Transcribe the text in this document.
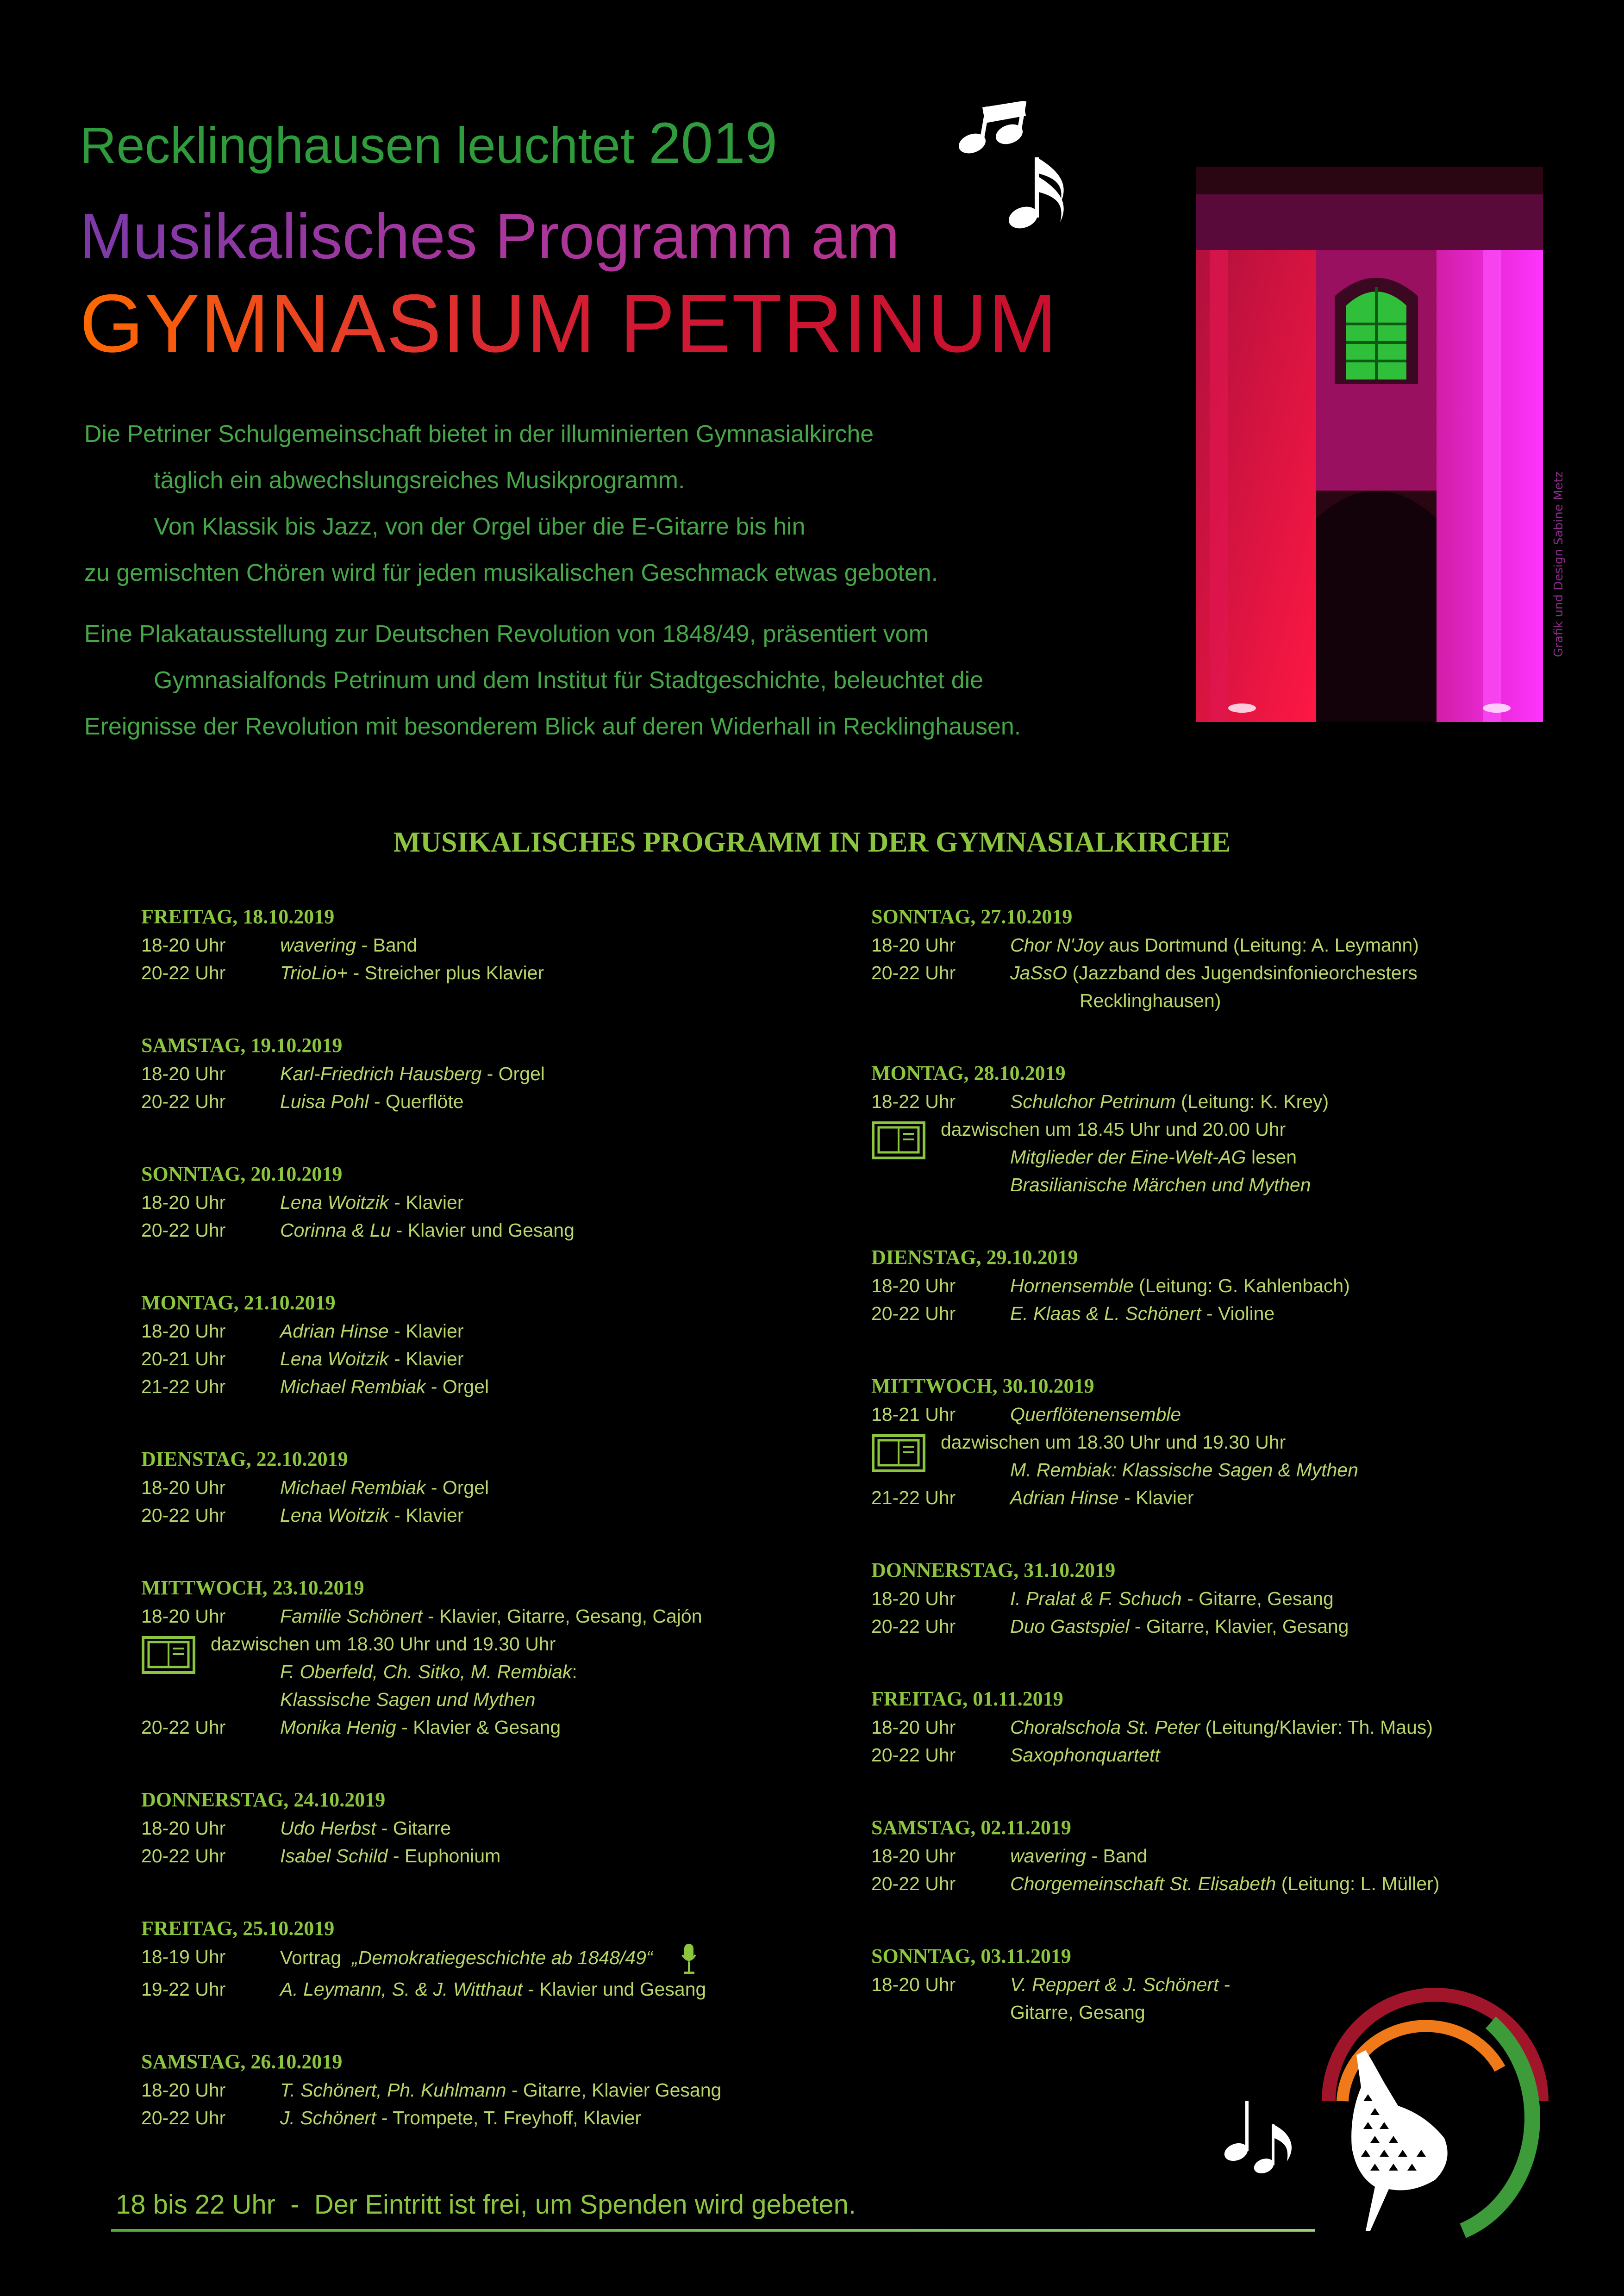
Recklinghausen leuchtet 2019
Musikalisches Programm am
GYMNASIUM PETRINUM
Grafik und Design Sabine Metz
Die Petriner Schulgemeinschaft bietet in der illuminierten Gymnasialkirche
täglich ein abwechslungsreiches Musikprogramm.
Von Klassik bis Jazz, von der Orgel über die E-Gitarre bis hin
zu gemischten Chören wird für jeden musikalischen Geschmack etwas geboten.
Eine Plakatausstellung zur Deutschen Revolution von 1848/49, präsentiert vom
Gymnasialfonds Petrinum und dem Institut für Stadtgeschichte, beleuchtet die
Ereignisse der Revolution mit besonderem Blick auf deren Widerhall in Recklinghausen.
MUSIKALISCHES PROGRAMM IN DER GYMNASIALKIRCHE
FREITAG, 18.10.2019
18-20 Uhr	wavering - Band
20-22 Uhr	TrioLio+ - Streicher plus Klavier
SAMSTAG, 19.10.2019
18-20 Uhr	Karl-Friedrich Hausberg - Orgel
20-22 Uhr	Luisa Pohl - Querflöte
SONNTAG, 20.10.2019
18-20 Uhr	Lena Woitzik - Klavier
20-22 Uhr	Corinna & Lu - Klavier und Gesang
MONTAG, 21.10.2019
18-20 Uhr	Adrian Hinse - Klavier
20-21 Uhr	Lena Woitzik - Klavier
21-22 Uhr	Michael Rembiak - Orgel
DIENSTAG, 22.10.2019
18-20 Uhr	Michael Rembiak - Orgel
20-22 Uhr	Lena Woitzik - Klavier
MITTWOCH, 23.10.2019
18-20 Uhr	Familie Schönert - Klavier, Gitarre, Gesang, Cajón
dazwischen um 18.30 Uhr und 19.30 Uhr
F. Oberfeld, Ch. Sitko, M. Rembiak:
Klassische Sagen und Mythen
20-22 Uhr	Monika Henig - Klavier & Gesang
DONNERSTAG, 24.10.2019
18-20 Uhr	Udo Herbst - Gitarre
20-22 Uhr	Isabel Schild - Euphonium
FREITAG, 25.10.2019
18-19 Uhr	Vortrag  „Demokratiegeschichte ab 1848/49“
19-22 Uhr	A. Leymann, S. & J. Witthaut - Klavier und Gesang
SAMSTAG, 26.10.2019
18-20 Uhr	T. Schönert, Ph. Kuhlmann - Gitarre, Klavier Gesang
20-22 Uhr	J. Schönert - Trompete, T. Freyhoff, Klavier
SONNTAG, 27.10.2019
18-20 Uhr	Chor N'Joy aus Dortmund (Leitung: A. Leymann)
20-22 Uhr	JaSsO (Jazzband des Jugendsinfonieorchesters
Recklinghausen)
MONTAG, 28.10.2019
18-22 Uhr	Schulchor Petrinum (Leitung: K. Krey)
dazwischen um 18.45 Uhr und 20.00 Uhr
Mitglieder der Eine-Welt-AG lesen
Brasilianische Märchen und Mythen
DIENSTAG, 29.10.2019
18-20 Uhr	Hornensemble (Leitung: G. Kahlenbach)
20-22 Uhr	E. Klaas & L. Schönert - Violine
MITTWOCH, 30.10.2019
18-21 Uhr	Querflötenensemble
dazwischen um 18.30 Uhr und 19.30 Uhr
M. Rembiak: Klassische Sagen & Mythen
21-22 Uhr	Adrian Hinse - Klavier
DONNERSTAG, 31.10.2019
18-20 Uhr	I. Pralat & F. Schuch - Gitarre, Gesang
20-22 Uhr	Duo Gastspiel - Gitarre, Klavier, Gesang
FREITAG, 01.11.2019
18-20 Uhr	Choralschola St. Peter (Leitung/Klavier: Th. Maus)
20-22 Uhr	Saxophonquartett
SAMSTAG, 02.11.2019
18-20 Uhr	wavering - Band
20-22 Uhr	Chorgemeinschaft St. Elisabeth (Leitung: L. Müller)
SONNTAG, 03.11.2019
18-20 Uhr	V. Reppert & J. Schönert -
Gitarre, Gesang
18 bis 22 Uhr  -  Der Eintritt ist frei, um Spenden wird gebeten.
